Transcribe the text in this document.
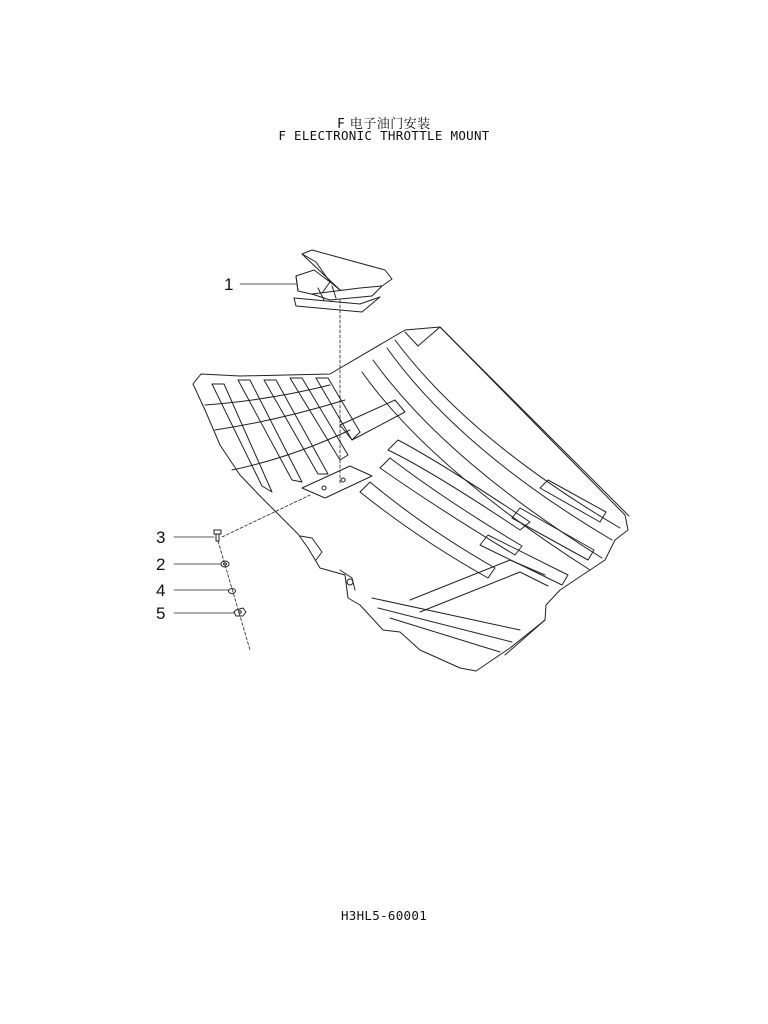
F 电子油门安装
F ELECTRONIC THROTTLE MOUNT
1
3
2
4
5
H3HL5-60001
